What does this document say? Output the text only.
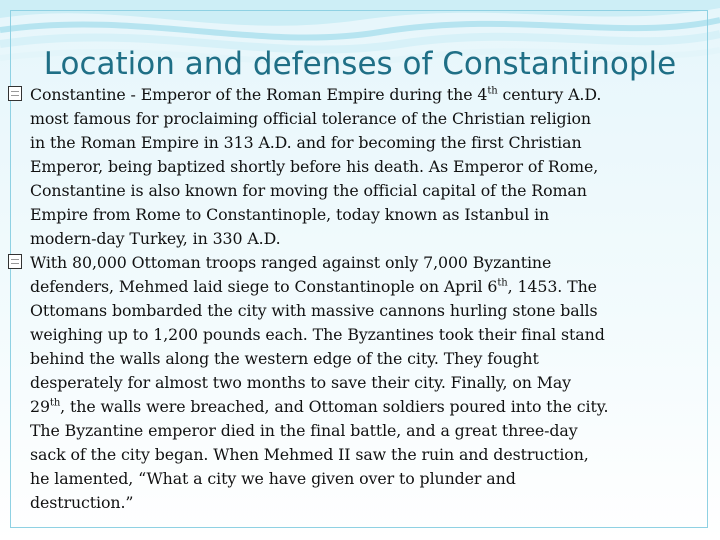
Location and defenses of Constantinople
Constantine - Emperor of the Roman Empire during the 4th century A.D.
most famous for proclaiming official tolerance of the Christian religion
in the Roman Empire in 313 A.D. and for becoming the first Christian
Emperor, being baptized shortly before his death. As Emperor of Rome,
Constantine is also known for moving the official capital of the Roman
Empire from Rome to Constantinople, today known as Istanbul in
modern-day Turkey, in 330 A.D.
With 80,000 Ottoman troops ranged against only 7,000 Byzantine
defenders, Mehmed laid siege to Constantinople on April 6th, 1453. The
Ottomans bombarded the city with massive cannons hurling stone balls
weighing up to 1,200 pounds each. The Byzantines took their final stand
behind the walls along the western edge of the city. They fought
desperately for almost two months to save their city. Finally, on May
29th, the walls were breached, and Ottoman soldiers poured into the city.
The Byzantine emperor died in the final battle, and a great three-day
sack of the city began. When Mehmed II saw the ruin and destruction,
he lamented, “What a city we have given over to plunder and
destruction.”
